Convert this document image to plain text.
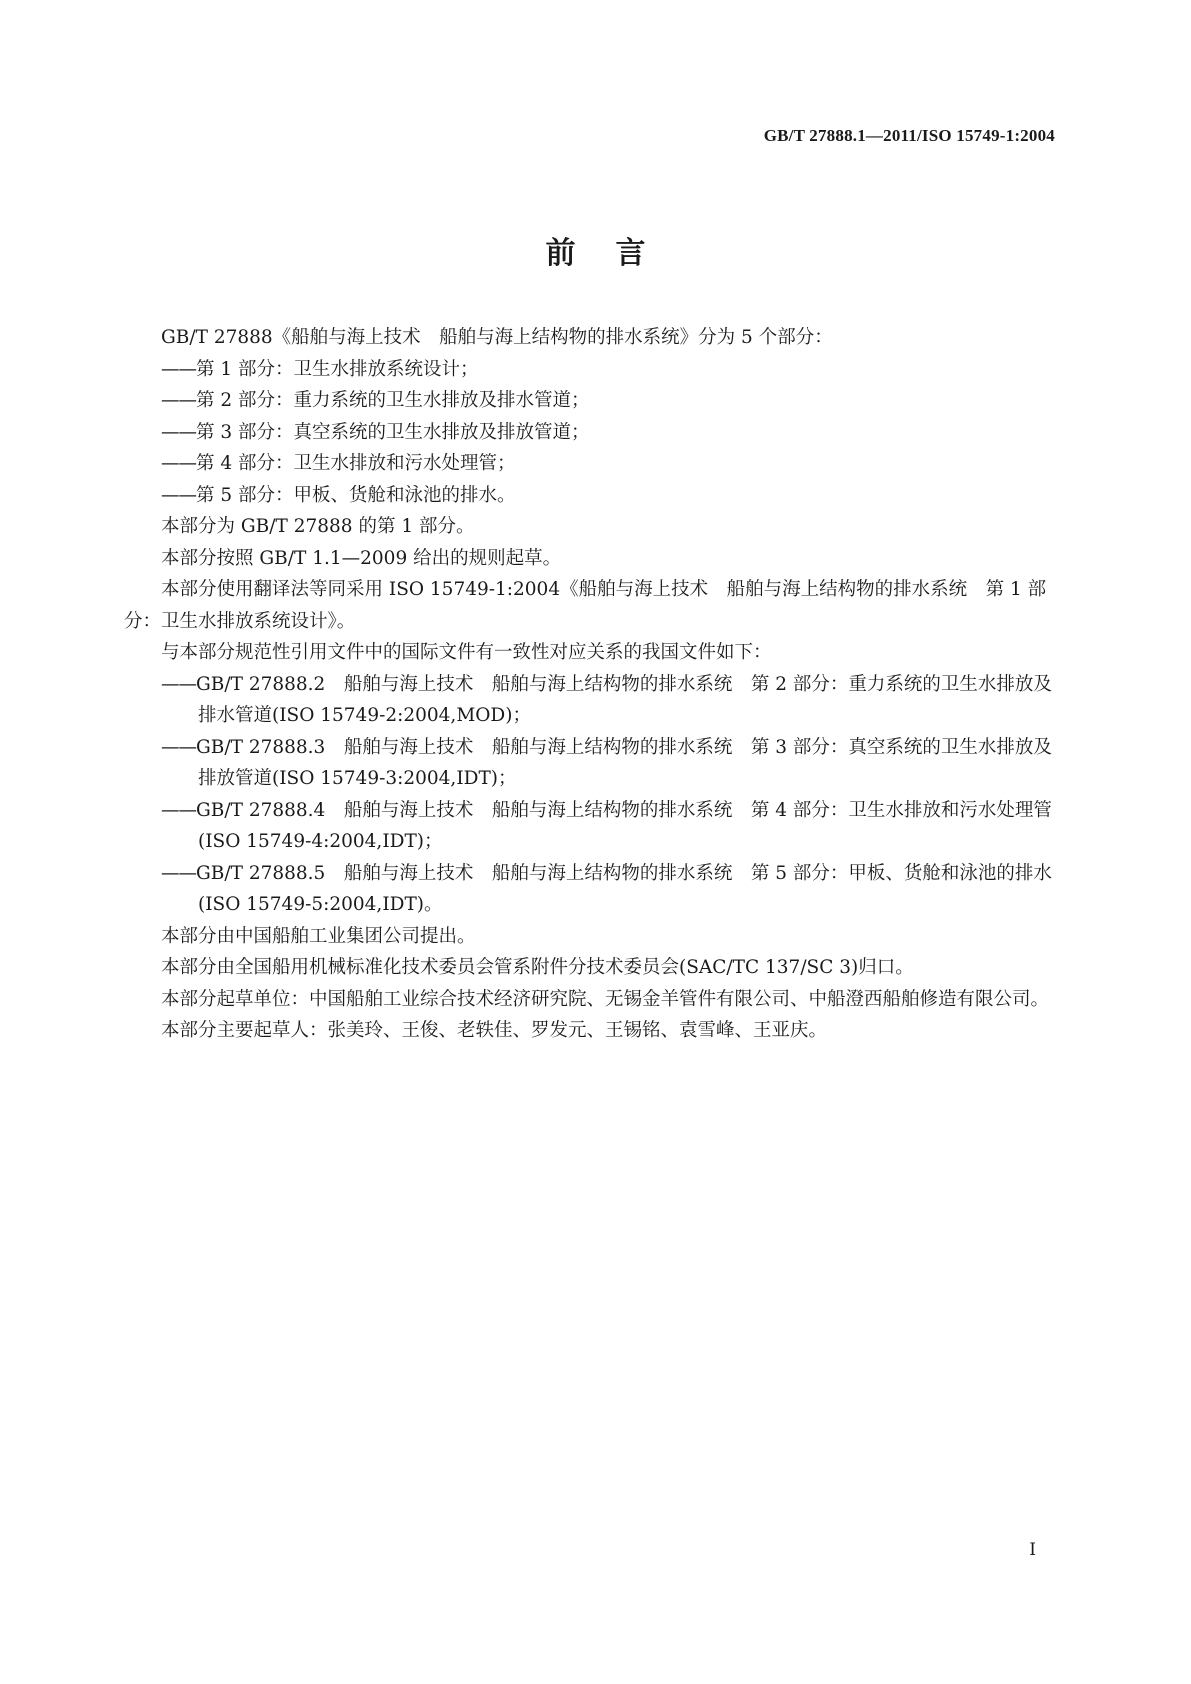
GB/T 27888.1—2011/ISO 15749-1:2004
前言
GB/T 27888《船舶与海上技术　船舶与海上结构物的排水系统》分为 5 个部分：
——第 1 部分：卫生水排放系统设计；
——第 2 部分：重力系统的卫生水排放及排水管道；
——第 3 部分：真空系统的卫生水排放及排放管道；
——第 4 部分：卫生水排放和污水处理管；
——第 5 部分：甲板、货舱和泳池的排水。
本部分为 GB/T 27888 的第 1 部分。
本部分按照 GB/T 1.1—2009 给出的规则起草。
本部分使用翻译法等同采用 ISO 15749-1:2004《船舶与海上技术　船舶与海上结构物的排水系统　第 1 部分：卫生水排放系统设计》。
与本部分规范性引用文件中的国际文件有一致性对应关系的我国文件如下：
——GB/T 27888.2　船舶与海上技术　船舶与海上结构物的排水系统　第 2 部分：重力系统的卫生水排放及排水管道(ISO 15749-2:2004,MOD)；
——GB/T 27888.3　船舶与海上技术　船舶与海上结构物的排水系统　第 3 部分：真空系统的卫生水排放及排放管道(ISO 15749-3:2004,IDT)；
——GB/T 27888.4　船舶与海上技术　船舶与海上结构物的排水系统　第 4 部分：卫生水排放和污水处理管(ISO 15749-4:2004,IDT)；
——GB/T 27888.5　船舶与海上技术　船舶与海上结构物的排水系统　第 5 部分：甲板、货舱和泳池的排水(ISO 15749-5:2004,IDT)。
本部分由中国船舶工业集团公司提出。
本部分由全国船用机械标准化技术委员会管系附件分技术委员会(SAC/TC 137/SC 3)归口。
本部分起草单位：中国船舶工业综合技术经济研究院、无锡金羊管件有限公司、中船澄西船舶修造有限公司。
本部分主要起草人：张美玲、王俊、老轶佳、罗发元、王锡铭、袁雪峰、王亚庆。
I
